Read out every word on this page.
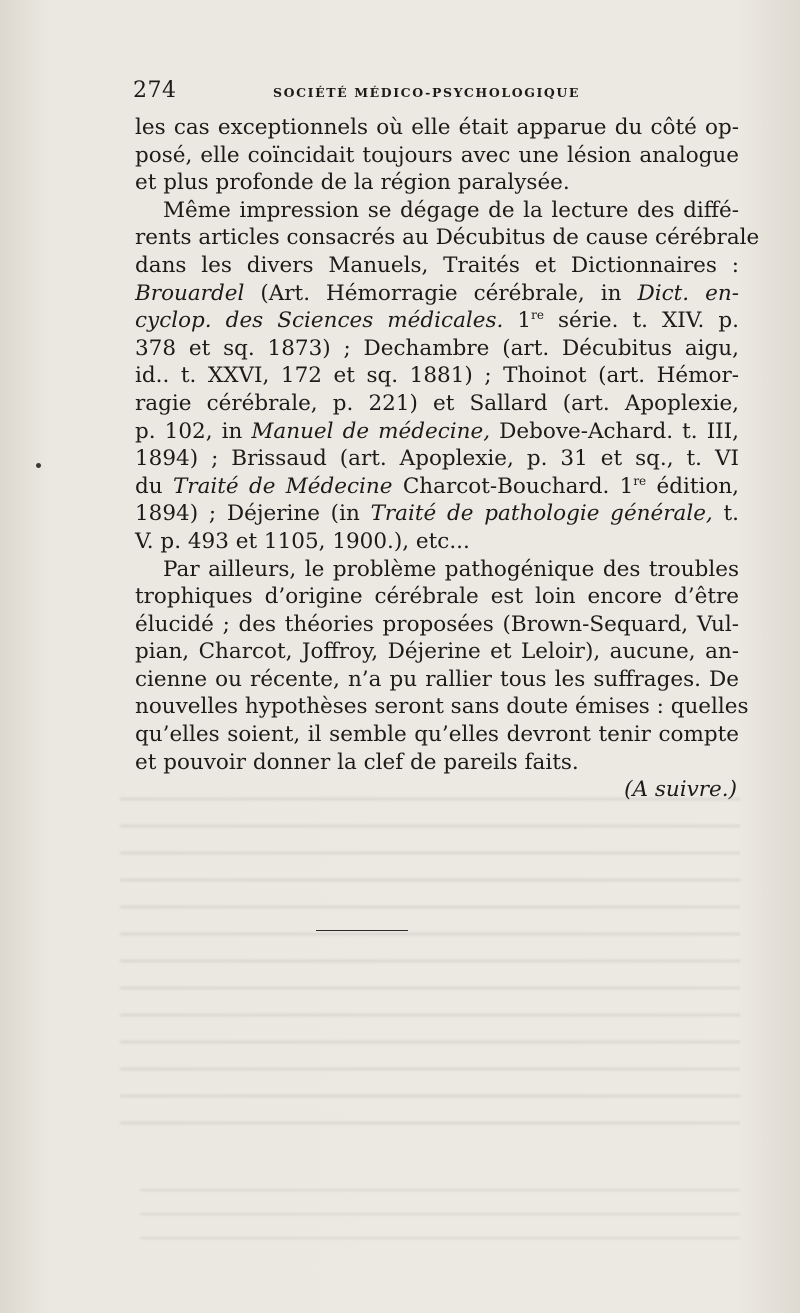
274	SOCIÉTÉ MÉDICO-PSYCHOLOGIQUE
les cas exceptionnels où elle était apparue du côté op-
posé, elle coïncidait toujours avec une lésion analogue
et plus profonde de la région paralysée.
Même impression se dégage de la lecture des diffé-
rents articles consacrés au Décubitus de cause cérébrale
dans les divers Manuels, Traités et Dictionnaires :
Brouardel (Art. Hémorragie cérébrale, in Dict. en-
cyclop. des Sciences médicales. 1re série. t. XIV. p.
378 et sq. 1873) ; Dechambre (art. Décubitus aigu,
id.. t. XXVI, 172 et sq. 1881) ; Thoinot (art. Hémor-
ragie cérébrale, p. 221) et Sallard (art. Apoplexie,
p. 102, in Manuel de médecine, Debove-Achard. t. III,
1894) ; Brissaud (art. Apoplexie, p. 31 et sq., t. VI
du Traité de Médecine Charcot-Bouchard. 1re édition,
1894) ; Déjerine (in Traité de pathologie générale, t.
V. p. 493 et 1105, 1900.), etc...
Par ailleurs, le problème pathogénique des troubles
trophiques d’origine cérébrale est loin encore d’être
élucidé ; des théories proposées (Brown-Sequard, Vul-
pian, Charcot, Joffroy, Déjerine et Leloir), aucune, an-
cienne ou récente, n’a pu rallier tous les suffrages. De
nouvelles hypothèses seront sans doute émises : quelles
qu’elles soient, il semble qu’elles devront tenir compte
et pouvoir donner la clef de pareils faits.
(A suivre.)
